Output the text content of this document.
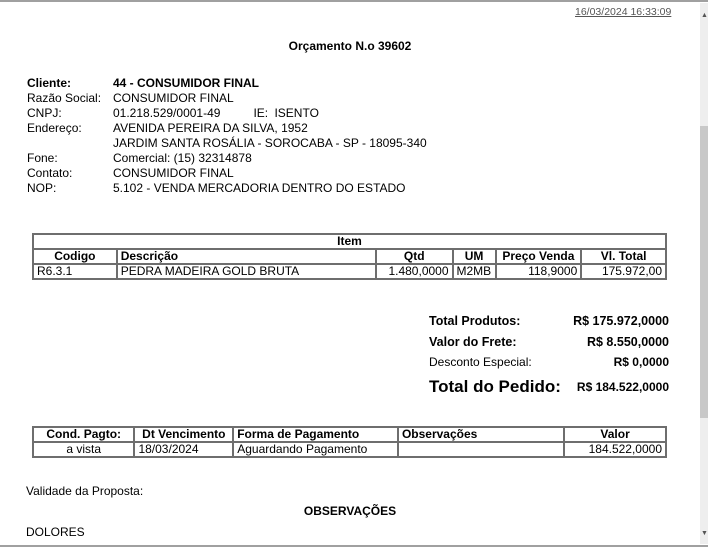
16/03/2024 16:33:09
Orçamento N.o 39602
Cliente:	44 - CONSUMIDOR FINAL
Razão Social: CONSUMIDOR FINAL
CNPJ:	01.218.529/0001-49	IE:
ISENTO
Endereço:	AVENIDA PEREIRA DA SILVA, 1952
JARDIM SANTA ROSÁLIA - SOROCABA - SP - 18095-340
Fone:	Comercial: (15) 32314878
Contato:	CONSUMIDOR FINAL
NOP:	5.102 - VENDA MERCADORIA DENTRO DO ESTADO
Item					
Codigo	Descrição	Qtd	UM	Preço Venda	Vl. Total
R6.3.1	PEDRA MADEIRA GOLD BRUTA	1.480,0000	M2MB	118,9000	175.972,00
Total Produtos:	R$ 175.972,0000
Valor do Frete:	R$ 8.550,0000
Desconto Especial:	R$ 0,0000
Total do Pedido: R$ 184.522,0000
Cond. Pagto:	Dt Vencimento	Forma de Pagamento	Observações	Valor
a vista	18/03/2024	Aguardando Pagamento		184.522,0000
Validade da Proposta:
OBSERVAÇÕES
DOLORES
▲
▼
